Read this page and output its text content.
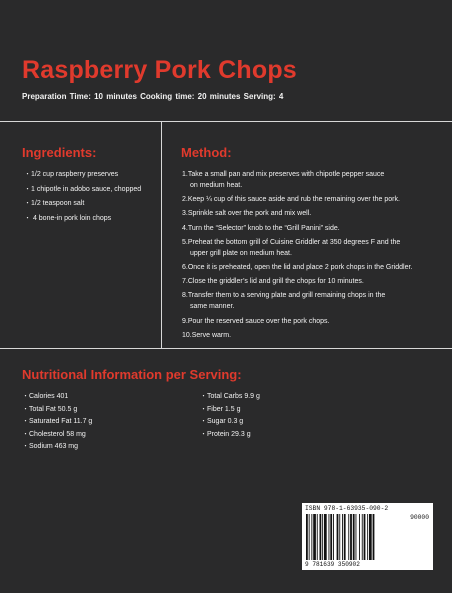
Raspberry Pork Chops
Preparation Time: 10 minutes Cooking time: 20 minutes Serving: 4
Ingredients:
・1/2 cup raspberry preserves
・1 chipotle in adobo sauce, chopped
・1/2 teaspoon salt
・ 4 bone-in pork loin chops
Method:
1.Take a small pan and mix preserves with chipotle pepper sauce
on medium heat.
2.Keep ¼ cup of this sauce aside and rub the remaining over the pork.
3.Sprinkle salt over the pork and mix well.
4.Turn the “Selector” knob to the “Grill Panini” side.
5.Preheat the bottom grill of Cuisine Griddler at 350 degrees F and the
upper grill plate on medium heat.
6.Once it is preheated, open the lid and place 2 pork chops in the Griddler.
7.Close the griddler’s lid and grill the chops for 10 minutes.
8.Transfer them to a serving plate and grill remaining chops in the
same manner.
9.Pour the reserved sauce over the pork chops.
10.Serve warm.
Nutritional Information per Serving:
・Calories 401
・Total Fat 50.5 g
・Saturated Fat 11.7 g
・Cholesterol 58 mg
・Sodium 463 mg
・Total Carbs 9.9 g
・Fiber 1.5 g
・Sugar 0.3 g
・Protein 29.3 g
ISBN 978-1-63935-090-2
90000
9 781639 350902
